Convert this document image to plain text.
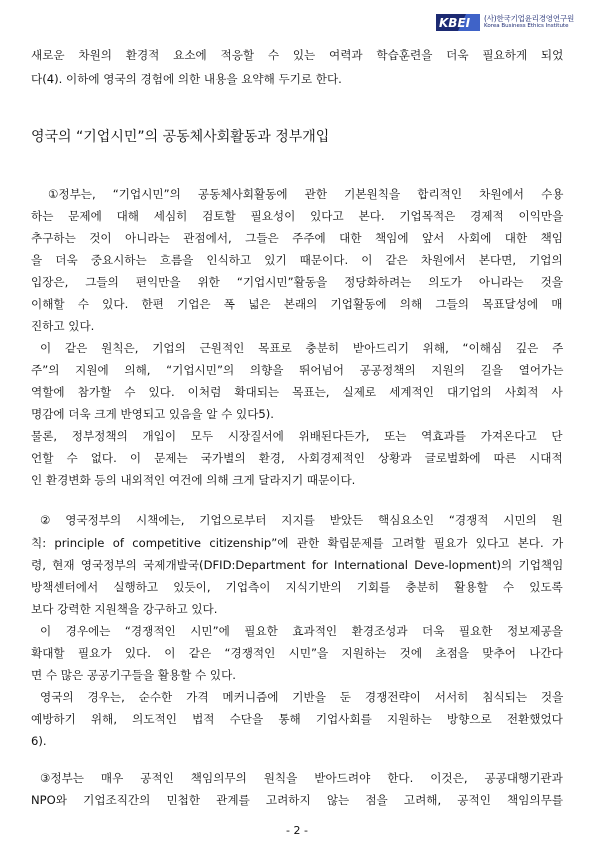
KBEI (사)한국기업윤리경영연구원
Korea Business Ethics Institute
새로운 차원의 환경적 요소에 적응할 수 있는 여력과 학습훈련을 더욱 필요하게 되었
다(4). 이하에 영국의 경험에 의한 내용을 요약해 두기로 한다.
영국의 “기업시민”의 공동체사회활동과 정부개입
①정부는, “기업시민”의 공동체사회활동에 관한 기본원칙을 합리적인 차원에서 수용
하는 문제에 대해 세심히 검토할 필요성이 있다고 본다. 기업목적은 경제적 이익만을
추구하는 것이 아니라는 관점에서, 그들은 주주에 대한 책임에 앞서 사회에 대한 책임
을 더욱 중요시하는 흐름을 인식하고 있기 때문이다. 이 같은 차원에서 본다면, 기업의
입장은, 그들의 편익만을 위한 “기업시민”활동을 정당화하려는 의도가 아니라는 것을
이해할 수 있다. 한편 기업은 폭 넓은 본래의 기업활동에 의해 그들의 목표달성에 매
진하고 있다.
이 같은 원칙은, 기업의 근원적인 목표로 충분히 받아드리기 위해, “이해심 깊은 주
주”의 지원에 의해, “기업시민”의 의향을 뛰어넘어 공공정책의 지원의 길을 열어가는
역할에 참가할 수 있다. 이처럼 확대되는 목표는, 실제로 세계적인 대기업의 사회적 사
명감에 더욱 크게 반영되고 있음을 알 수 있다5).
물론, 정부정책의 개입이 모두 시장질서에 위배된다든가, 또는 역효과를 가져온다고 단
언할 수 없다. 이 문제는 국가별의 환경, 사회경제적인 상황과 글로벌화에 따른 시대적
인 환경변화 등의 내외적인 여건에 의해 크게 달라지기 때문이다.
② 영국정부의 시책에는, 기업으로부터 지지를 받았든 핵심요소인 “경쟁적 시민의 원
칙: principle of competitive citizenship”에 관한 확립문제를 고려할 필요가 있다고 본다. 가
령, 현재 영국정부의 국제개발국(DFID:Department for International Deve-lopment)의 기업책임
방책센터에서 실행하고 있듯이, 기업측이 지식기반의 기회를 충분히 활용할 수 있도록
보다 강력한 지원책을 강구하고 있다.
이 경우에는 “경쟁적인 시민”에 필요한 효과적인 환경조성과 더욱 필요한 정보제공을
확대할 필요가 있다. 이 같은 “경쟁적인 시민”을 지원하는 것에 초점을 맞추어 나간다
면 수 많은 공공기구들을 활용할 수 있다.
영국의 경우는, 순수한 가격 메커니즘에 기반을 둔 경쟁전략이 서서히 침식되는 것을
예방하기 위해, 의도적인 법적 수단을 통해 기업사회를 지원하는 방향으로 전환했었다
6).
③정부는 매우 공적인 책임의무의 원칙을 받아드려야 한다. 이것은, 공공대행기관과
NPO와 기업조직간의 민첩한 관계를 고려하지 않는 점을 고려해, 공적인 책임의무를
- 2 -
